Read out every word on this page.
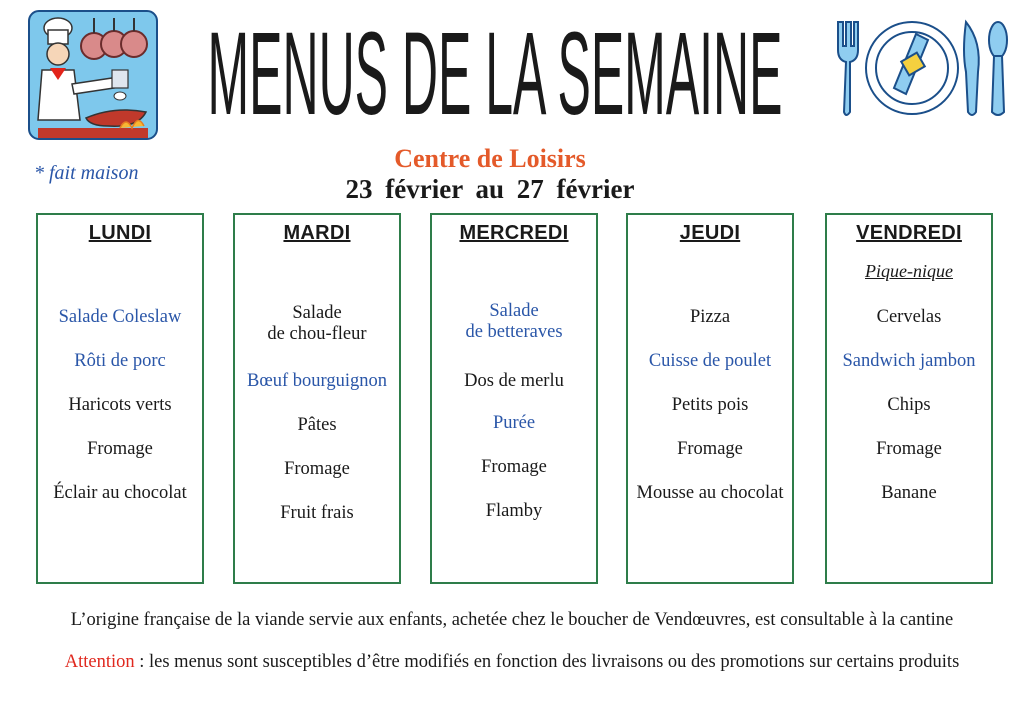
MENUS DE LA SEMAINE
* fait maison	Centre de Loisirs
23 février au 27 février
LUNDI
Salade Coleslaw
Rôti de porc
Haricots verts
Fromage
Éclair au chocolat
MARDI
Salade
de chou-fleur
Bœuf bourguignon
Pâtes
Fromage
Fruit frais
MERCREDI
Salade
de betteraves
Dos de merlu
Purée
Fromage
Flamby
JEUDI
Pizza
Cuisse de poulet
Petits pois
Fromage
Mousse au chocolat
VENDREDI
Pique-nique
Cervelas
Sandwich jambon
Chips
Fromage
Banane
L’origine française de la viande servie aux enfants, achetée chez le boucher de Vendœuvres, est consultable à la cantine
Attention : les menus sont susceptibles d’être modifiés en fonction des livraisons ou des promotions sur certains produits
